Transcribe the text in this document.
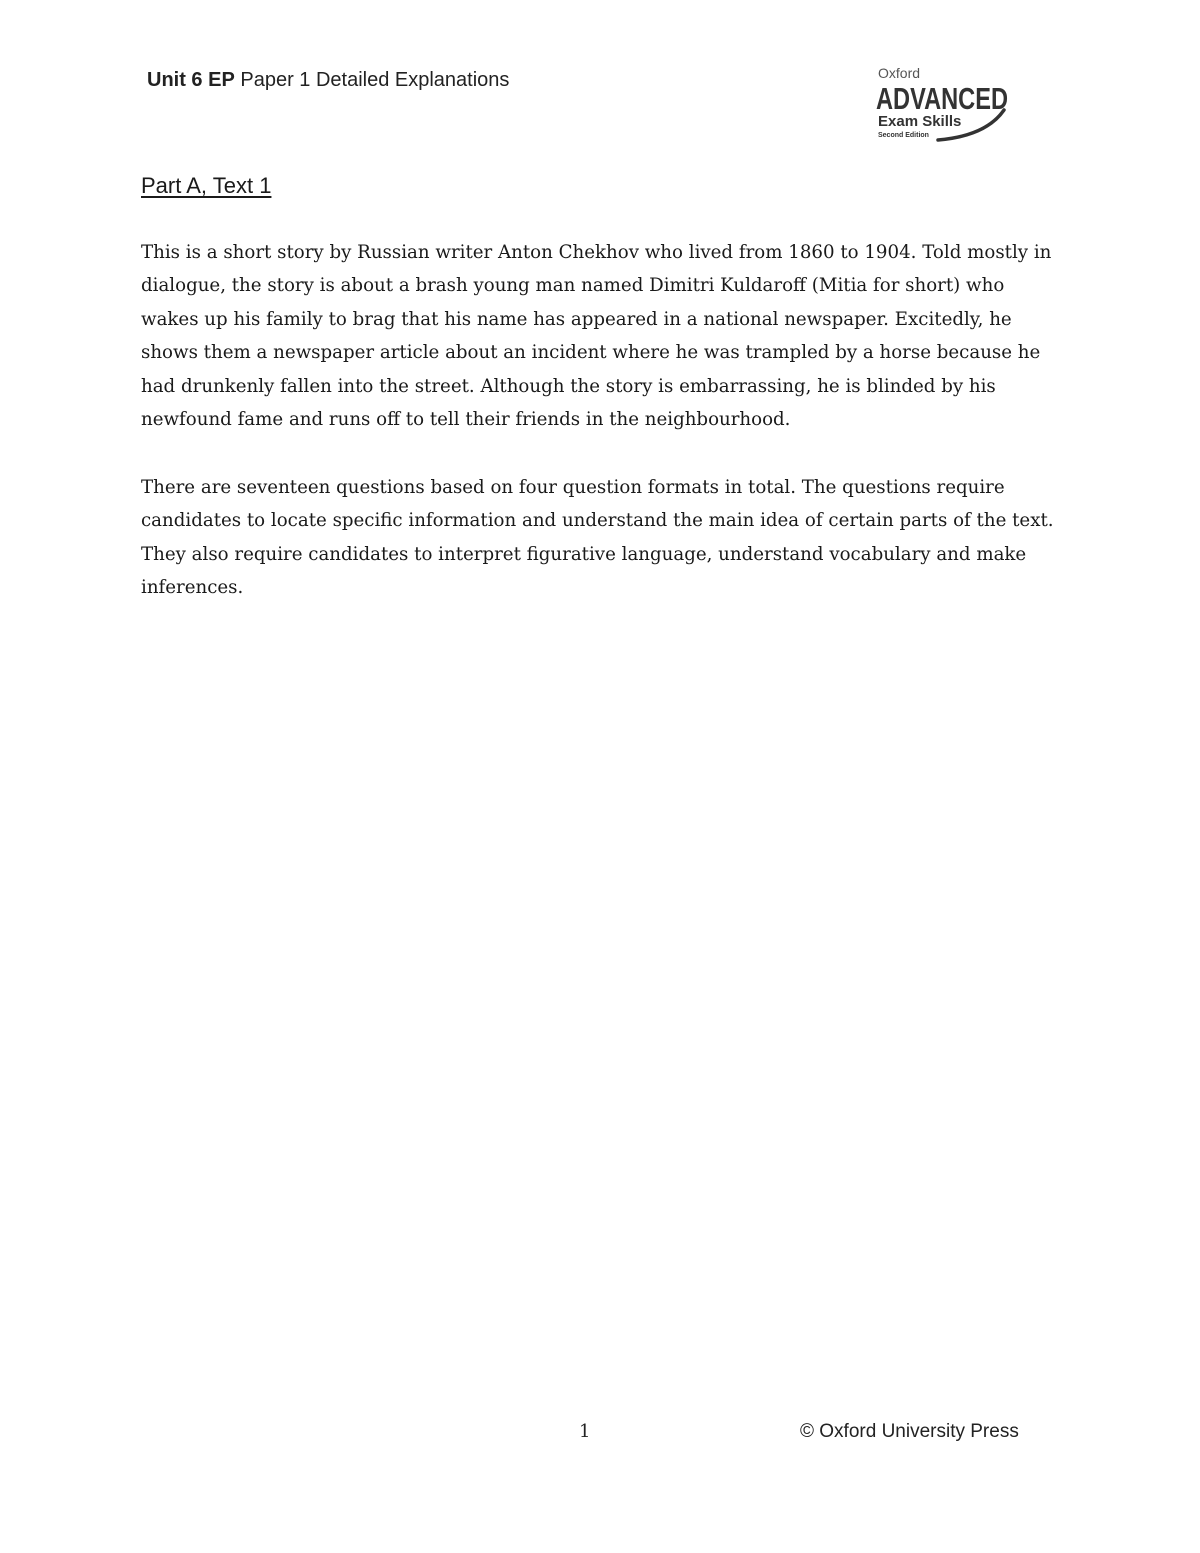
Unit 6 EP Paper 1 Detailed Explanations	Oxford
ADVANCED
Exam Skills
Second Edition
Part A, Text 1

This is a short story by Russian writer Anton Chekhov who lived from 1860 to 1904. Told mostly in dialogue, the story is about a brash young man named Dimitri Kuldaroff (Mitia for short) who wakes up his family to brag that his name has appeared in a national newspaper. Excitedly, he shows them a newspaper article about an incident where he was trampled by a horse because he had drunkenly fallen into the street. Although the story is embarrassing, he is blinded by his newfound fame and runs off to tell their friends in the neighbourhood.

There are seventeen questions based on four question formats in total. The questions require candidates to locate specific information and understand the main idea of certain parts of the text. They also require candidates to interpret figurative language, understand vocabulary and make inferences.

1	© Oxford University Press
